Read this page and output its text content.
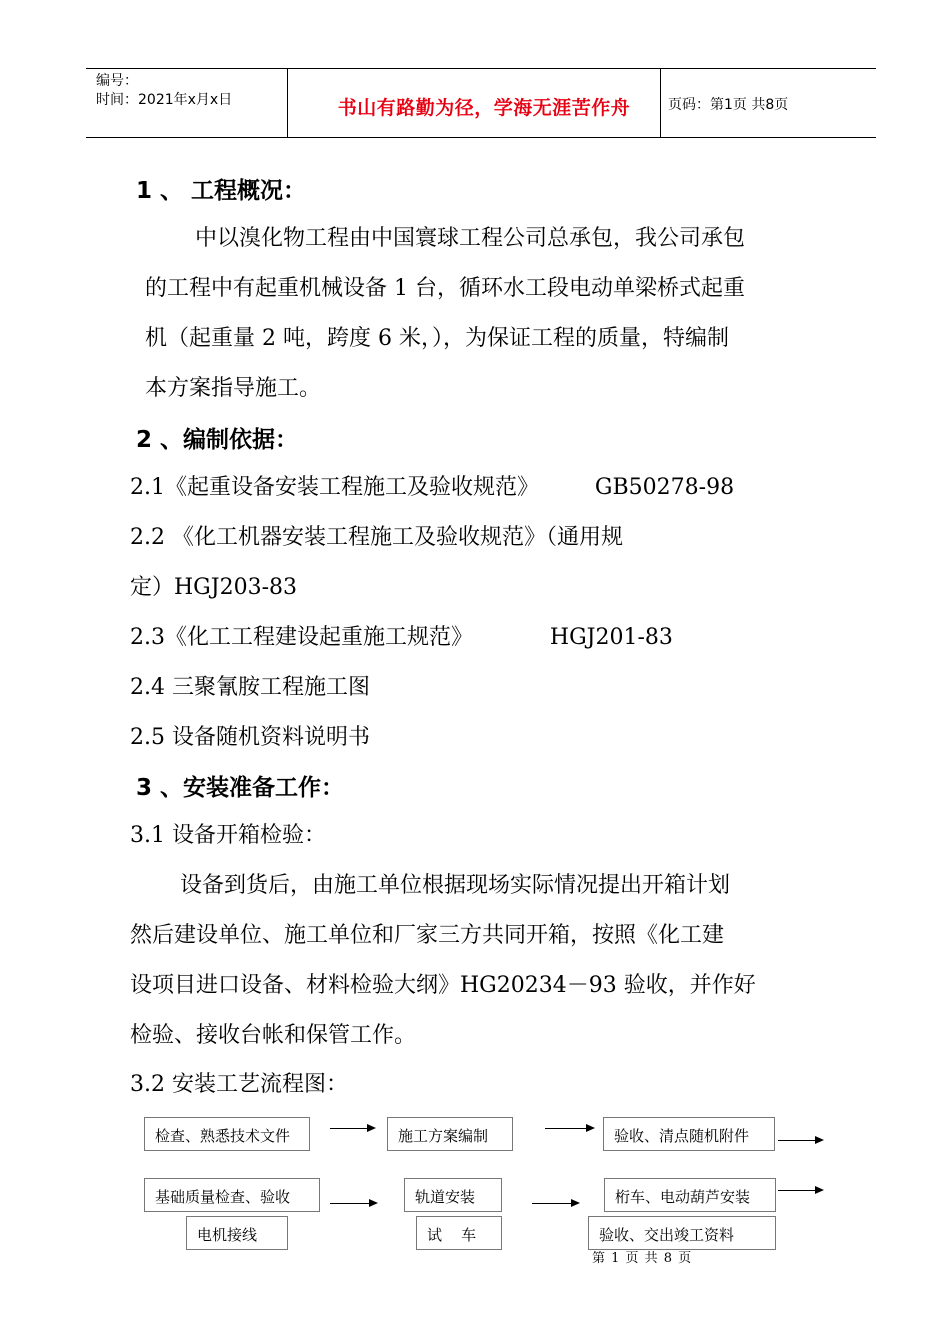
编号：
时间：2021年x月x日	书山有路勤为径，学海无涯苦作舟	页码：第1页 共8页
1 、 工程概况：
中以溴化物工程由中国寰球工程公司总承包，我公司承包
的工程中有起重机械设备 1 台，循环水工段电动单梁桥式起重
机（起重量 2 吨，跨度 6 米，），为保证工程的质量，特编制
本方案指导施工。
2 、编制依据：
2.1《起重设备安装工程施工及验收规范》        GB50278-98
2.2 《化工机器安装工程施工及验收规范》（通用规
定）HGJ203-83
2.3《化工工程建设起重施工规范》           HGJ201-83
2.4 三聚氰胺工程施工图
2.5 设备随机资料说明书
3 、安装准备工作：
3.1 设备开箱检验：
设备到货后，由施工单位根据现场实际情况提出开箱计划
然后建设单位、施工单位和厂家三方共同开箱，按照《化工建
设项目进口设备、材料检验大纲》HG20234－93 验收，并作好
检验、接收台帐和保管工作。
3.2 安装工艺流程图：
检查、熟悉技术文件	施工方案编制	验收、清点随机附件
基础质量检查、验收	轨道安装	桁车、电动葫芦安装
电机接线	试    车	验收、交出竣工资料
第 1 页 共 8 页
